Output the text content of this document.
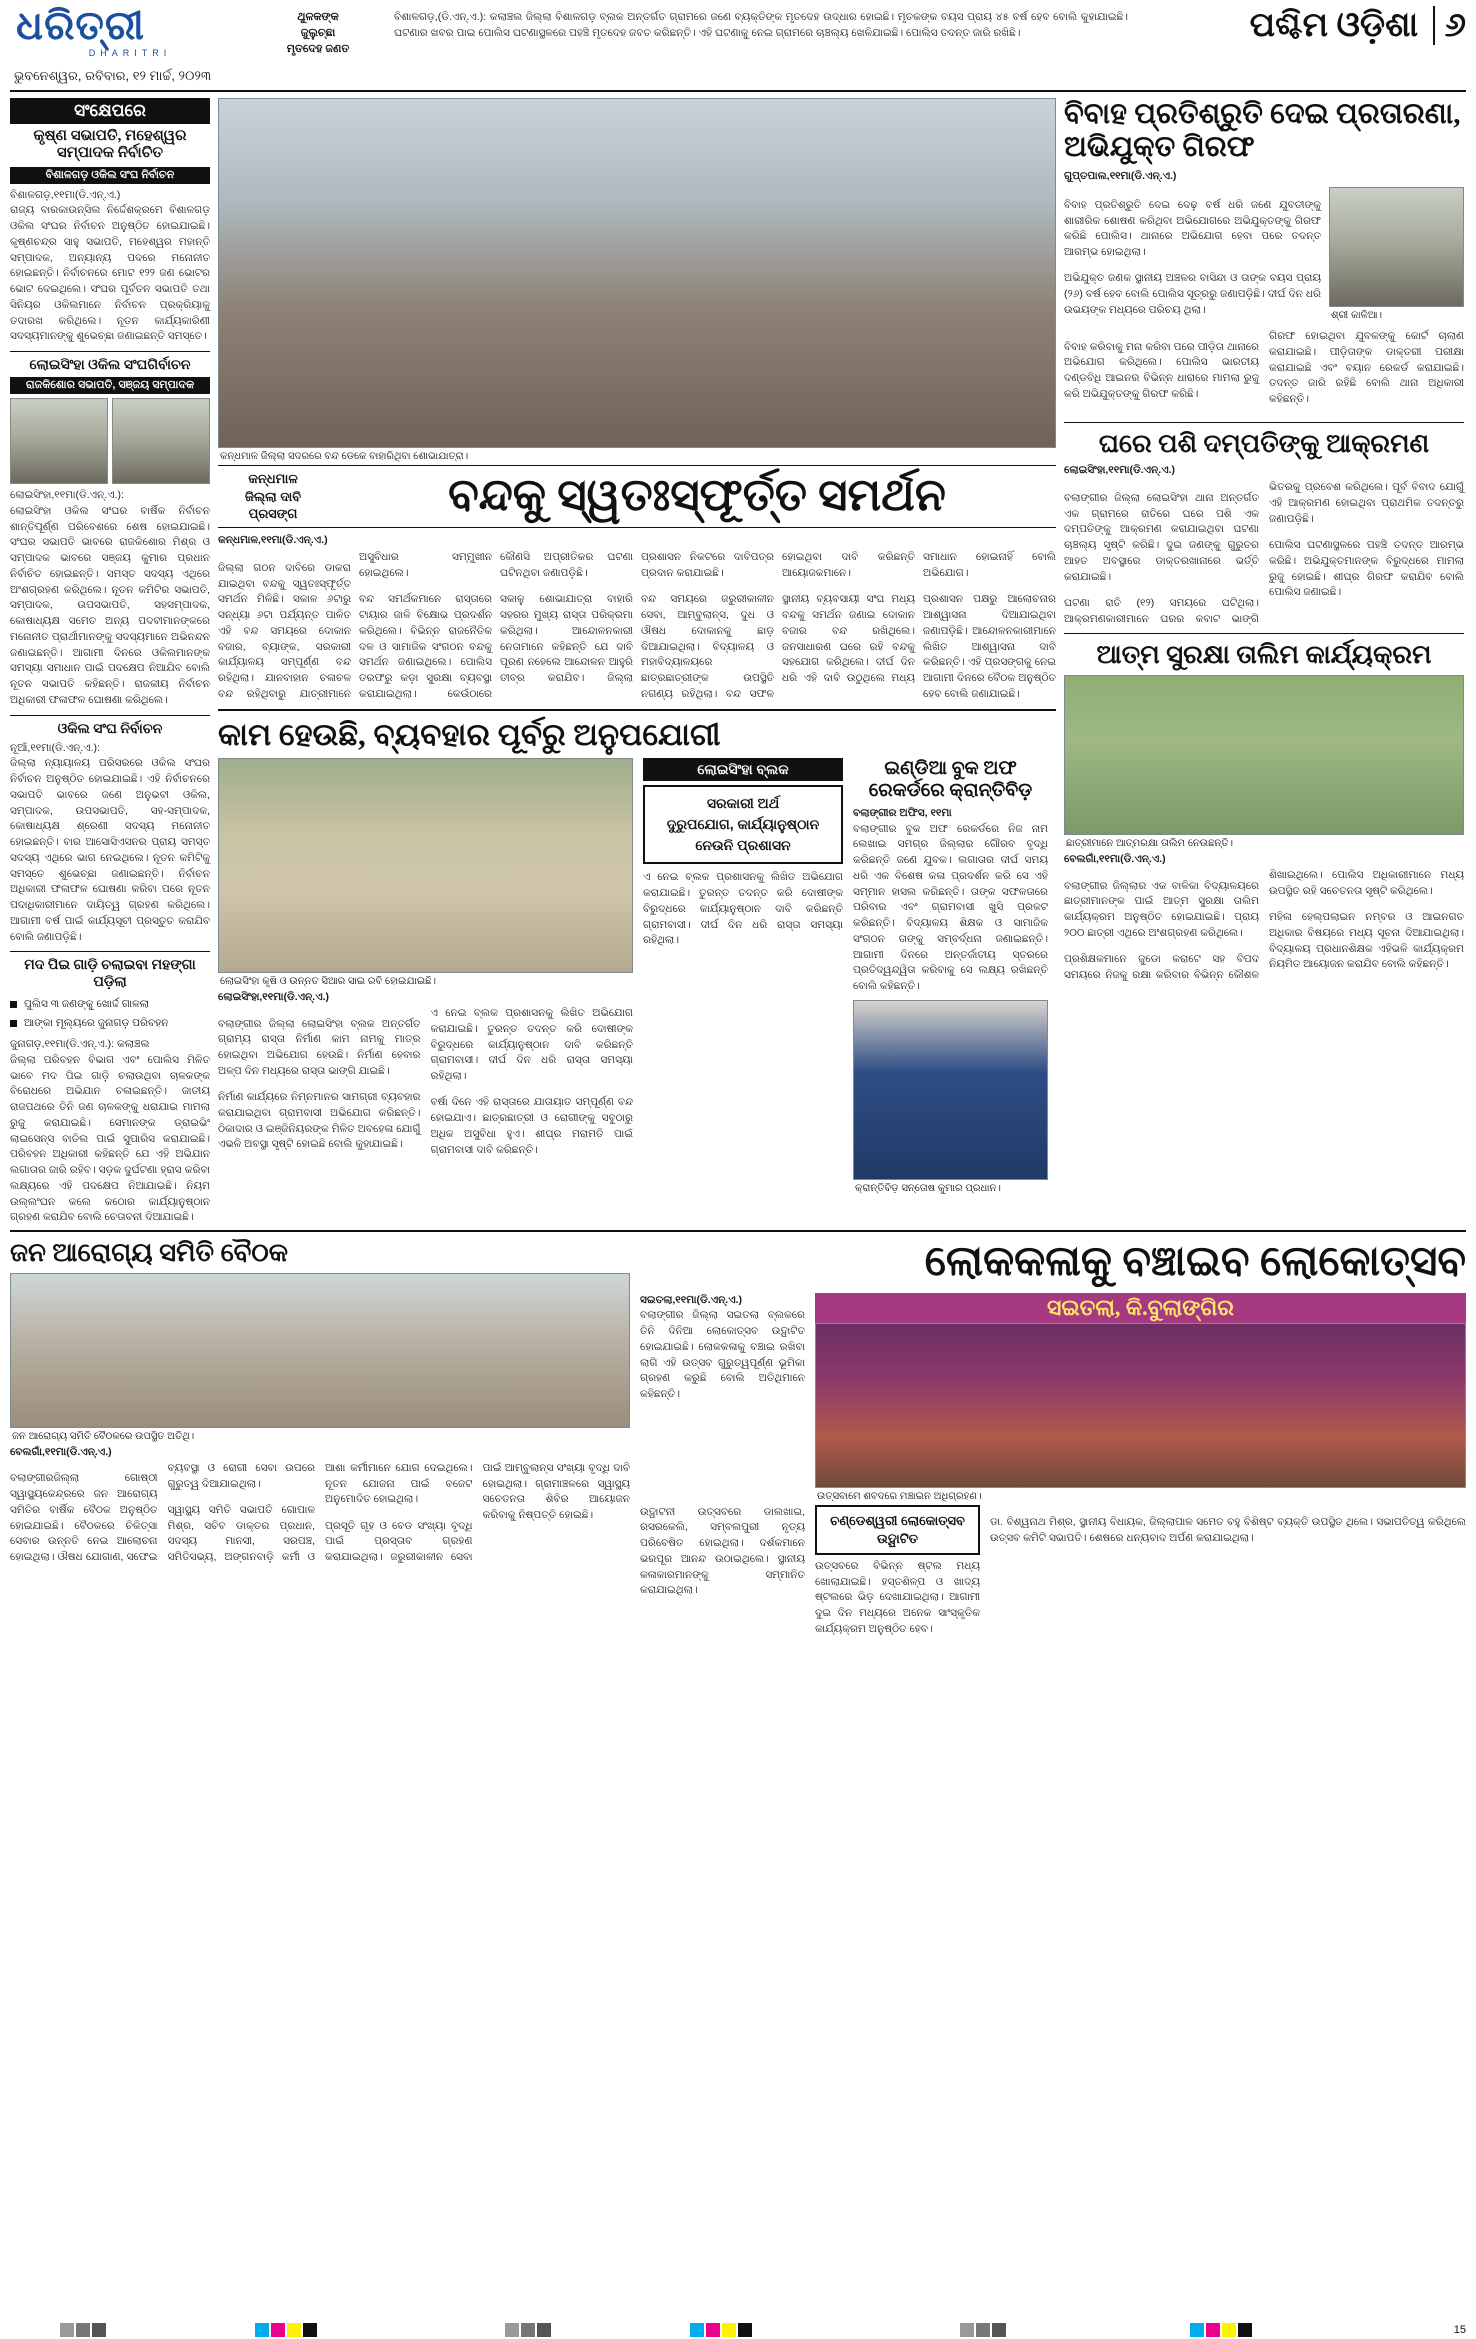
ଧରିତ୍ରୀ
DHARITRI
ଭୁବନେଶ୍ୱର, ରବିବାର, ୧୨ ମାର୍ଚ୍ଚ, ୨୦୨୩
ଥୁଳକଙ୍କ
ଜୁଲୁଚ୍ଛା
ମୃତଦେହ ଜଣତ
ବିଶାଳଗଡ଼,(ଡି.ଏନ୍.ଏ.): କଲାଞ୍ଚଲ ଜିଲ୍ଲା ବିଶାଳଗଡ଼ ବ୍ଲକ ଅନ୍ତର୍ଗତ ଗ୍ରାମରେ ଜଣେ ବ୍ୟକ୍ତିଙ୍କ ମୃତଦେହ ଉଦ୍ଧାର ହୋଇଛି। ମୃତକଙ୍କ ବୟସ ପ୍ରାୟ ୪୫ ବର୍ଷ ହେବ ବୋଲି କୁହାଯାଇଛି। ଘଟଣାର ଖବର ପାଇ ପୋଲିସ ଘଟଣାସ୍ଥଳରେ ପହଞ୍ଚି ମୃତଦେହ ଜବତ କରିଛନ୍ତି। ଏହି ଘଟଣାକୁ ନେଇ ଗ୍ରାମରେ ଚାଞ୍ଚଲ୍ୟ ଖେଳିଯାଇଛି। ପୋଲିସ ତଦନ୍ତ ଜାରି ରଖିଛି।	ପଶ୍ଚିମ ଓଡ଼ିଶା ୬
ସଂକ୍ଷେପରେ
କୃଷ୍ଣ ସଭାପତି, ମହେଶ୍ୱର ସମ୍ପାଦକ ନିର୍ବାଚିତ
ବିଶାଳଗଡ଼ ଓକିଲ ସଂଘ ନିର୍ବାଚନ
ବିଶାଳଗଡ଼,୧୧ମା(ଡି.ଏନ୍.ଏ.)
ରାଜ୍ୟ ବାରକାଉନ୍‌ସିଲ ନିର୍ଦ୍ଦେଶକ୍ରମେ ବିଶାଳଗଡ଼ ଓକିଲ ସଂଘର ନିର୍ବାଚନ ଅନୁଷ୍ଠିତ ହୋଇଯାଇଛି। କୃଷ୍ଣଚନ୍ଦ୍ର ସାହୁ ସଭାପତି, ମହେଶ୍ୱର ମହାନ୍ତି ସମ୍ପାଦକ, ଅନ୍ୟାନ୍ୟ ପଦରେ ମନୋନୀତ ହୋଇଛନ୍ତି। ନିର୍ବାଚନରେ ମୋଟ ୧୨୨ ଜଣ ଭୋଟର ଭୋଟ ଦେଇଥିଲେ। ସଂଘର ପୂର୍ବତନ ସଭାପତି ତଥା ସିନିୟର ଓକିଲମାନେ ନିର୍ବାଚନ ପ୍ରକ୍ରିୟାକୁ ତଦାରଖ କରିଥିଲେ। ନୂତନ କାର୍ଯ୍ୟକାରିଣୀ ସଦସ୍ୟମାନଙ୍କୁ ଶୁଭେଚ୍ଛା ଜଣାଇଛନ୍ତି ସମସ୍ତେ।
ଲୋଇସିଂହା ଓକିଲ ସଂଘଗିର୍ବାଚନ
ରାଜକିଶୋର ସଭାପତି, ସଞ୍ଜୟ ସମ୍ପାଦକ
ଲୋଇସିଂହା,୧୧ମା(ଡି.ଏନ୍.ଏ.):
ଲୋଇସିଂହା ଓକିଲ ସଂଘର ବାର୍ଷିକ ନିର୍ବାଚନ ଶାନ୍ତିପୂର୍ଣ୍ଣ ପରିବେଶରେ ଶେଷ ହୋଇଯାଇଛି। ସଂଘର ସଭାପତି ଭାବରେ ରାଜକିଶୋର ମିଶ୍ର ଓ ସମ୍ପାଦକ ଭାବରେ ସଞ୍ଜୟ କୁମାର ପ୍ରଧାନ ନିର୍ବାଚିତ ହୋଇଛନ୍ତି। ସମସ୍ତ ସଦସ୍ୟ ଏଥିରେ ଅଂଶଗ୍ରହଣ କରିଥିଲେ। ନୂତନ କମିଟିର ସଭାପତି, ସମ୍ପାଦକ, ଉପସଭାପତି, ସହସମ୍ପାଦକ, କୋଷାଧ୍ୟକ୍ଷ ସମେତ ଅନ୍ୟ ପଦବୀମାନଙ୍କରେ ମନୋନୀତ ପ୍ରାର୍ଥୀମାନଙ୍କୁ ସଦସ୍ୟମାନେ ଅଭିନନ୍ଦନ ଜଣାଇଛନ୍ତି। ଆଗାମୀ ଦିନରେ ଓକିଲମାନଙ୍କ ସମସ୍ୟା ସମାଧାନ ପାଇଁ ପଦକ୍ଷେପ ନିଆଯିବ ବୋଲି ନୂତନ ସଭାପତି କହିଛନ୍ତି। ରାଜକୀୟ ନିର୍ବାଚନ ଅଧିକାରୀ ଫଳାଫଳ ଘୋଷଣା କରିଥିଲେ।
ଓକିଲ ସଂଘ ନିର୍ବାଚନ
ନୂଆଁ,୧୧ମା(ଡି.ଏନ୍.ଏ.):
ଜିଲ୍ଲା ନ୍ୟାୟାଳୟ ପରିସରରେ ଓକିଲ ସଂଘର ନିର୍ବାଚନ ଅନୁଷ୍ଠିତ ହୋଇଯାଇଛି। ଏହି ନିର୍ବାଚନରେ ସଭାପତି ଭାବରେ ଜଣେ ଅନୁଭବୀ ଓକିଲ, ସମ୍ପାଦକ, ଉପସଭାପତି, ସହ-ସମ୍ପାଦକ, କୋଷାଧ୍ୟକ୍ଷ ଶ୍ରେଣୀ ସଦସ୍ୟ ମନୋନୀତ ହୋଇଛନ୍ତି। ବାର ଆସୋସିଏସନର ପ୍ରାୟ ସମସ୍ତ ସଦସ୍ୟ ଏଥିରେ ଭାଗ ନେଇଥିଲେ। ନୂତନ କମିଟିକୁ ସମସ୍ତେ ଶୁଭେଚ୍ଛା ଜଣାଇଛନ୍ତି। ନିର୍ବାଚନ ଅଧିକାରୀ ଫଳାଫଳ ଘୋଷଣା କରିବା ପରେ ନୂତନ ପଦାଧିକାରୀମାନେ ଦାୟିତ୍ୱ ଗ୍ରହଣ କରିଥିଲେ। ଆଗାମୀ ବର୍ଷ ପାଇଁ କାର୍ଯ୍ୟସୂଚୀ ପ୍ରସ୍ତୁତ କରାଯିବ ବୋଲି ଜଣାପଡ଼ିଛି।
ମଦ ପିଇ ଗାଡ଼ି ଚଲାଇବା ମହଙ୍ଗା ପଡ଼ିଲା
ପୁଲିସ ୩ ଜଣଙ୍କୁ ଖୋର୍ଦ୍ଦ ଗାଳଲା
ଆଙ୍କା ମୂଲ୍ୟରେ ଜୁନାଗଡ଼ ପରିବହନ
ଜୁନାଗଡ଼,୧୧ମା(ଡି.ଏନ୍.ଏ.): କଲାଞ୍ଚଲ
ଜିଲ୍ଲା ପରିବହନ ବିଭାଗ ଏବଂ ପୋଲିସ ମିଳିତ ଭାବେ ମଦ ପିଇ ଗାଡ଼ି ଚଲାଉଥିବା ଚାଳକଙ୍କ ବିରୋଧରେ ଅଭିଯାନ ଚଳାଇଛନ୍ତି। ଜାତୀୟ ରାଜପଥରେ ତିନି ଜଣ ଚାଳକଙ୍କୁ ଧରାଯାଇ ମାମଲା ରୁଜୁ କରାଯାଇଛି। ସେମାନଙ୍କ ଡ୍ରାଇଭିଂ ଲାଇସେନ୍ସ ବାତିଲ ପାଇଁ ସୁପାରିସ କରାଯାଇଛି। ପରିବହନ ଅଧିକାରୀ କହିଛନ୍ତି ଯେ ଏହି ଅଭିଯାନ ଲଗାତାର ଜାରି ରହିବ। ସଡ଼କ ଦୁର୍ଘଟଣା ହ୍ରାସ କରିବା ଲକ୍ଷ୍ୟରେ ଏହି ପଦକ୍ଷେପ ନିଆଯାଇଛି। ନିୟମ ଉଲ୍ଲଂଘନ କଲେ କଠୋର କାର୍ଯ୍ୟାନୁଷ୍ଠାନ ଗ୍ରହଣ କରାଯିବ ବୋଲି ଚେତାବନୀ ଦିଆଯାଇଛି।
କନ୍ଧମାଳ ଜିଲ୍ଲା ସଦରରେ ବନ୍ଦ ଡେକେ ବାହାରିଥିବା ଶୋଭାଯାତ୍ରା।
କନ୍ଧମାଳ
ଜିଲ୍ଲା ଦାବି
ପ୍ରସଙ୍ଗ	ବନ୍ଦକୁ ସ୍ୱତଃସ୍ଫୂର୍ତ୍ତ ସମର୍ଥନ
କନ୍ଧମାଳ,୧୧ମା(ଡି.ଏନ୍.ଏ.)

ଜିଲ୍ଲା ଗଠନ ଦାବିରେ ଡାକରା ଯାଇଥିବା ବନ୍ଦକୁ ସ୍ୱତଃସ୍ଫୂର୍ତ୍ତ ସମର୍ଥନ ମିଳିଛି। ସକାଳ ୬ଟାରୁ ସନ୍ଧ୍ୟା ୬ଟା ପର୍ଯ୍ୟନ୍ତ ପାଳିତ ଏହି ବନ୍ଦ ସମୟରେ ଦୋକାନ ବଜାର, ବ୍ୟାଙ୍କ, ସରକାରୀ କାର୍ଯ୍ୟାଳୟ ସମ୍ପୂର୍ଣ୍ଣ ବନ୍ଦ ରହିଥିଲା। ଯାନବାହାନ ଚଳାଚଳ ବନ୍ଦ ରହିଥିବାରୁ ଯାତ୍ରୀମାନେ ଅସୁବିଧାର ସମ୍ମୁଖୀନ ହୋଇଥିଲେ।

ବନ୍ଦ ସମର୍ଥକମାନେ ରାସ୍ତାରେ ଟାୟାର ଜାଳି ବିକ୍ଷୋଭ ପ୍ରଦର୍ଶନ କରିଥିଲେ। ବିଭିନ୍ନ ରାଜନୈତିକ ଦଳ ଓ ସାମାଜିକ ସଂଗଠନ ବନ୍ଦକୁ ସମର୍ଥନ ଜଣାଇଥିଲେ। ପୋଲିସ ତରଫରୁ କଡ଼ା ସୁରକ୍ଷା ବ୍ୟବସ୍ଥା କରାଯାଇଥିଲା। କେଉଁଠାରେ କୌଣସି ଅପ୍ରୀତିକର ଘଟଣା ଘଟିନଥିବା ଜଣାପଡ଼ିଛି।

ସକାଳୁ ଶୋଭାଯାତ୍ରା ବାହାରି ସହରର ମୁଖ୍ୟ ରାସ୍ତା ପରିକ୍ରମା କରିଥିଲା। ଆନ୍ଦୋଳନକାରୀ ନେତାମାନେ କହିଛନ୍ତି ଯେ ଦାବି ପୂରଣ ନହେଲେ ଆନ୍ଦୋଳନ ଆହୁରି ତୀବ୍ର କରାଯିବ। ଜିଲ୍ଲା ପ୍ରଶାସନ ନିକଟରେ ଦାବିପତ୍ର ପ୍ରଦାନ କରାଯାଇଛି।

ବନ୍ଦ ସମୟରେ ଜରୁରୀକାଳୀନ ସେବା, ଆମ୍ବୁଲାନ୍ସ, ଦୁଧ ଓ ଔଷଧ ଦୋକାନକୁ ଛାଡ଼ ଦିଆଯାଇଥିଲା। ବିଦ୍ୟାଳୟ ଓ ମହାବିଦ୍ୟାଳୟରେ ଛାତ୍ରଛାତ୍ରୀଙ୍କ ଉପସ୍ଥିତି ନଗଣ୍ୟ ରହିଥିଲା। ବନ୍ଦ ସଫଳ ହୋଇଥିବା ଦାବି କରିଛନ୍ତି ଆୟୋଜକମାନେ।

ସ୍ଥାନୀୟ ବ୍ୟବସାୟୀ ସଂଘ ମଧ୍ୟ ବନ୍ଦକୁ ସମର୍ଥନ ଜଣାଇ ଦୋକାନ ବଜାର ବନ୍ଦ ରଖିଥିଲେ। ଜନସାଧାରଣ ଘରେ ରହି ବନ୍ଦକୁ ସହଯୋଗ କରିଥିଲେ। ଦୀର୍ଘ ଦିନ ଧରି ଏହି ଦାବି ଉଠୁଥିଲେ ମଧ୍ୟ ସମାଧାନ ହୋଇନାହିଁ ବୋଲି ଅଭିଯୋଗ।

ପ୍ରଶାସନ ପକ୍ଷରୁ ଆଲୋଚନାର ଆଶ୍ୱାସନା ଦିଆଯାଇଥିବା ଜଣାପଡ଼ିଛି। ଆନ୍ଦୋଳନକାରୀମାନେ ଲିଖିତ ଆଶ୍ୱାସନା ଦାବି କରିଛନ୍ତି। ଏହି ପ୍ରସଙ୍ଗକୁ ନେଇ ଆଗାମୀ ଦିନରେ ବୈଠକ ଅନୁଷ୍ଠିତ ହେବ ବୋଲି ଜଣାଯାଇଛି।

କାମ ହେଉଛି, ବ୍ୟବହାର ପୂର୍ବରୁ ଅନୁପଯୋଗୀ
ଲୋଇସିଂହା କୃଷି ଓ ଉନ୍ନତ ସିଆର ସାଇ ରବି ହୋଇଯାଇଛି।
ଲୋଇସିଂହା,୧୧ମା(ଡି.ଏନ୍.ଏ.)

ବଲାଙ୍ଗୀର ଜିଲ୍ଲା ଲୋଇସିଂହା ବ୍ଲକ ଅନ୍ତର୍ଗତ ଗ୍ରାମ୍ୟ ରାସ୍ତା ନିର୍ମାଣ କାମ ନାମକୁ ମାତ୍ର ହୋଇଥିବା ଅଭିଯୋଗ ହେଉଛି। ନିର୍ମାଣ ହେବାର ଅଳ୍ପ ଦିନ ମଧ୍ୟରେ ରାସ୍ତା ଭାଙ୍ଗି ଯାଇଛି।

ନିର୍ମାଣ କାର୍ଯ୍ୟରେ ନିମ୍ନମାନର ସାମଗ୍ରୀ ବ୍ୟବହାର କରାଯାଇଥିବା ଗ୍ରାମବାସୀ ଅଭିଯୋଗ କରିଛନ୍ତି। ଠିକାଦାର ଓ ଇଞ୍ଜିନିୟରଙ୍କ ମିଳିତ ଅବହେଳା ଯୋଗୁଁ ଏଭଳି ଅବସ୍ଥା ସୃଷ୍ଟି ହୋଇଛି ବୋଲି କୁହାଯାଇଛି।

ଏ ନେଇ ବ୍ଲକ ପ୍ରଶାସନକୁ ଲିଖିତ ଅଭିଯୋଗ କରାଯାଇଛି। ତୁରନ୍ତ ତଦନ୍ତ କରି ଦୋଷୀଙ୍କ ବିରୁଦ୍ଧରେ କାର୍ଯ୍ୟାନୁଷ୍ଠାନ ଦାବି କରିଛନ୍ତି ଗ୍ରାମବାସୀ। ଦୀର୍ଘ ଦିନ ଧରି ରାସ୍ତା ସମସ୍ୟା ରହିଥିଲା।

ବର୍ଷା ଦିନେ ଏହି ରାସ୍ତାରେ ଯାତାୟାତ ସମ୍ପୂର୍ଣ୍ଣ ବନ୍ଦ ହୋଇଯାଏ। ଛାତ୍ରଛାତ୍ରୀ ଓ ରୋଗୀଙ୍କୁ ସବୁଠାରୁ ଅଧିକ ଅସୁବିଧା ହୁଏ। ଶୀଘ୍ର ମରାମତି ପାଇଁ ଗ୍ରାମବାସୀ ଦାବି କରିଛନ୍ତି।

ଲୋଇସିଂହା ବ୍ଲକ
ସରକାରୀ ଅର୍ଥ
ଦୁରୁପଯୋଗ, କାର୍ଯ୍ୟାନୁଷ୍ଠାନ
ନେଉନି ପ୍ରଶାସନ
ଏ ନେଇ ବ୍ଲକ ପ୍ରଶାସନକୁ ଲିଖିତ ଅଭିଯୋଗ କରାଯାଇଛି। ତୁରନ୍ତ ତଦନ୍ତ କରି ଦୋଷୀଙ୍କ ବିରୁଦ୍ଧରେ କାର୍ଯ୍ୟାନୁଷ୍ଠାନ ଦାବି କରିଛନ୍ତି ଗ୍ରାମବାସୀ। ଦୀର୍ଘ ଦିନ ଧରି ରାସ୍ତା ସମସ୍ୟା ରହିଥିଲା।
ଇଣ୍ଡିଆ ବୁକ ଅଫ ରେକର୍ଡରେ କ୍ରାନ୍ତିବିଡ଼
ବଲାଙ୍ଗୀର ଅଫିସ, ୧୧ମା
ବଲାଙ୍ଗୀର ବୁକ ଅଫ ରେକର୍ଡରେ ନିଜ ନାମ ଲେଖାଇ ସମଗ୍ର ଜିଲ୍ଲାର ଗୌରବ ବୃଦ୍ଧି କରିଛନ୍ତି ଜଣେ ଯୁବକ। ଲଗାତାର ଦୀର୍ଘ ସମୟ ଧରି ଏକ ବିଶେଷ କଳା ପ୍ରଦର୍ଶନ କରି ସେ ଏହି ସମ୍ମାନ ହାସଲ କରିଛନ୍ତି। ତାଙ୍କ ସଫଳତାରେ ପରିବାର ଏବଂ ଗ୍ରାମବାସୀ ଖୁସି ପ୍ରକଟ କରିଛନ୍ତି। ବିଦ୍ୟାଳୟ ଶିକ୍ଷକ ଓ ସାମାଜିକ ସଂଗଠନ ତାଙ୍କୁ ସମ୍ବର୍ଦ୍ଧନା ଜଣାଇଛନ୍ତି। ଆଗାମୀ ଦିନରେ ଅନ୍ତର୍ଜାତୀୟ ସ୍ତରରେ ପ୍ରତିଦ୍ୱନ୍ଦ୍ୱିତା କରିବାକୁ ସେ ଲକ୍ଷ୍ୟ ରଖିଛନ୍ତି ବୋଲି କହିଛନ୍ତି।
କ୍ରାନ୍ତିବିଡ଼ ସନ୍ତୋଷ କୁମାର ପ୍ରଧାନ।
ବିବାହ ପ୍ରତିଶ୍ରୁତି ଦେଇ ପ୍ରତାରଣା, ଅଭିଯୁକ୍ତ ଗିରଫ
ଗୁପ୍ତପାଲ,୧୧ମା(ଡି.ଏନ୍.ଏ.)

ବିବାହ ପ୍ରତିଶ୍ରୁତି ଦେଇ ଦେଢ଼ ବର୍ଷ ଧରି ଜଣେ ଯୁବତୀଙ୍କୁ ଶାରୀରିକ ଶୋଷଣ କରିଥିବା ଅଭିଯୋଗରେ ଅଭିଯୁକ୍ତଙ୍କୁ ଗିରଫ କରିଛି ପୋଲିସ। ଥାନାରେ ଅଭିଯୋଗ ହେବା ପରେ ତଦନ୍ତ ଆରମ୍ଭ ହୋଇଥିଲା।

ଅଭିଯୁକ୍ତ ଜଣକ ସ୍ଥାନୀୟ ଅଞ୍ଚଳର ବାସିନ୍ଦା ଓ ତାଙ୍କ ବୟସ ପ୍ରାୟ (୨୬) ବର୍ଷ ହେବ ବୋଲି ପୋଲିସ ସୂତ୍ରରୁ ଜଣାପଡ଼ିଛି। ଦୀର୍ଘ ଦିନ ଧରି ଉଭୟଙ୍କ ମଧ୍ୟରେ ପରିଚୟ ଥିଲା।	ଶ୍ରୀ କାଳିଆ।

ବିବାହ କରିବାକୁ ମନା କରିବା ପରେ ପୀଡ଼ିତା ଥାନାରେ ଅଭିଯୋଗ କରିଥିଲେ। ପୋଲିସ ଭାରତୀୟ ଦଣ୍ଡବିଧି ଆଇନର ବିଭିନ୍ନ ଧାରାରେ ମାମଲା ରୁଜୁ କରି ଅଭିଯୁକ୍ତଙ୍କୁ ଗିରଫ କରିଛି।

ଗିରଫ ହୋଇଥିବା ଯୁବକଙ୍କୁ କୋର୍ଟ ଚାଲାଣ କରାଯାଇଛି। ପୀଡ଼ିତାଙ୍କ ଡାକ୍ତରୀ ପରୀକ୍ଷା କରାଯାଇଛି ଏବଂ ବୟାନ ରେକର୍ଡ କରାଯାଇଛି। ତଦନ୍ତ ଜାରି ରହିଛି ବୋଲି ଥାନା ଅଧିକାରୀ କହିଛନ୍ତି।

ଘରେ ପଶି ଦମ୍ପତିଙ୍କୁ ଆକ୍ରମଣ
ଲୋଇସିଂହା,୧୧ମା(ଡି.ଏନ୍.ଏ.)

ବଲାଙ୍ଗୀର ଜିଲ୍ଲା ଲୋଇସିଂହା ଥାନା ଅନ୍ତର୍ଗତ ଏକ ଗ୍ରାମରେ ରାତିରେ ଘରେ ପଶି ଏକ ଦମ୍ପତିଙ୍କୁ ଆକ୍ରମଣ କରାଯାଇଥିବା ଘଟଣା ଚାଞ୍ଚଲ୍ୟ ସୃଷ୍ଟି କରିଛି। ଦୁଇ ଜଣଙ୍କୁ ଗୁରୁତର ଆହତ ଅବସ୍ଥାରେ ଡାକ୍ତରଖାନାରେ ଭର୍ତ୍ତି କରାଯାଇଛି।

ଘଟଣା ରାତି (୧୨) ସମୟରେ ଘଟିଥିଲା। ଆକ୍ରମଣକାରୀମାନେ ଘରର କବାଟ ଭାଙ୍ଗି ଭିତରକୁ ପ୍ରବେଶ କରିଥିଲେ। ପୂର୍ବ ବିବାଦ ଯୋଗୁଁ ଏହି ଆକ୍ରମଣ ହୋଇଥିବା ପ୍ରାଥମିକ ତଦନ୍ତରୁ ଜଣାପଡ଼ିଛି।

ପୋଲିସ ଘଟଣାସ୍ଥଳରେ ପହଞ୍ଚି ତଦନ୍ତ ଆରମ୍ଭ କରିଛି। ଅଭିଯୁକ୍ତମାନଙ୍କ ବିରୁଦ୍ଧରେ ମାମଲା ରୁଜୁ ହୋଇଛି। ଶୀଘ୍ର ଗିରଫ କରାଯିବ ବୋଲି ପୋଲିସ ଜଣାଇଛି।

ଆତ୍ମ ସୁରକ୍ଷା ତାଲିମ କାର୍ଯ୍ୟକ୍ରମ
ଛାତ୍ରୀମାନେ ଆତ୍ମରକ୍ଷା ତାଲିମ ନେଉଛନ୍ତି।
ବେଲଗାଁ,୧୧ମା(ଡି.ଏନ୍.ଏ.)

ବଲାଙ୍ଗୀର ଜିଲ୍ଲାର ଏକ ବାଳିକା ବିଦ୍ୟାଳୟରେ ଛାତ୍ରୀମାନଙ୍କ ପାଇଁ ଆତ୍ମ ସୁରକ୍ଷା ତାଲିମ କାର୍ଯ୍ୟକ୍ରମ ଅନୁଷ୍ଠିତ ହୋଇଯାଇଛି। ପ୍ରାୟ ୨୦୦ ଛାତ୍ରୀ ଏଥିରେ ଅଂଶଗ୍ରହଣ କରିଥିଲେ।

ପ୍ରଶିକ୍ଷକମାନେ ଜୁଡୋ କରାଟେ ସହ ବିପଦ ସମୟରେ ନିଜକୁ ରକ୍ଷା କରିବାର ବିଭିନ୍ନ କୌଶଳ ଶିଖାଇଥିଲେ। ପୋଲିସ ଅଧିକାରୀମାନେ ମଧ୍ୟ ଉପସ୍ଥିତ ରହି ସଚେତନତା ସୃଷ୍ଟି କରିଥିଲେ।

ମହିଳା ହେଲ୍ପଲାଇନ ନମ୍ବର ଓ ଆଇନଗତ ଅଧିକାର ବିଷୟରେ ମଧ୍ୟ ସୂଚନା ଦିଆଯାଇଥିଲା। ବିଦ୍ୟାଳୟ ପ୍ରଧାନଶିକ୍ଷକ ଏହିଭଳି କାର୍ଯ୍ୟକ୍ରମ ନିୟମିତ ଆୟୋଜନ କରାଯିବ ବୋଲି କହିଛନ୍ତି।

ଜନ ଆରୋଗ୍ୟ ସମିତି ବୈଠକ
ଜନ ଆରୋଗ୍ୟ ସମିତି ବୈଠକରେ ଉପସ୍ଥିତ ଅତିଥି।
ବେଲଗାଁ,୧୧ମା(ଡି.ଏନ୍.ଏ.)

ବଲାଙ୍ଗୀରଜିଲ୍ଲା ଗୋଷ୍ଠୀ ସ୍ୱାସ୍ଥ୍ୟକେନ୍ଦ୍ରରେ ଜନ ଆରୋଗ୍ୟ ସମିତିର ବାର୍ଷିକ ବୈଠକ ଅନୁଷ୍ଠିତ ହୋଇଯାଇଛି। ବୈଠକରେ ଚିକିତ୍ସା ସେବାର ଉନ୍ନତି ନେଇ ଆଲୋଚନା ହୋଇଥିଲା। ଔଷଧ ଯୋଗାଣ, ସଫେଇ ବ୍ୟବସ୍ଥା ଓ ରୋଗୀ ସେବା ଉପରେ ଗୁରୁତ୍ୱ ଦିଆଯାଇଥିଲା।

ସ୍ୱାସ୍ଥ୍ୟ ସମିତି ସଭାପତି ଗୋପାଳ ମିଶ୍ର, ସଚିବ ଡାକ୍ତର ପ୍ରଧାନ, ସଦସ୍ୟ ମାନସୀ, ସରପଞ୍ଚ, ସମିତିସଭ୍ୟ, ଅଙ୍ଗନବାଡ଼ି କର୍ମୀ ଓ ଆଶା କର୍ମୀମାନେ ଯୋଗ ଦେଇଥିଲେ। ନୂତନ ଯୋଜନା ପାଇଁ ବଜେଟ ଅନୁମୋଦିତ ହୋଇଥିଲା।

ପ୍ରସୂତି ଗୃହ ଓ ବେଡ ସଂଖ୍ୟା ବୃଦ୍ଧି ପାଇଁ ପ୍ରସ୍ତାବ ଗ୍ରହଣ କରାଯାଇଥିଲା। ଜରୁରୀକାଳୀନ ସେବା ପାଇଁ ଆମ୍ବୁଲାନ୍ସ ସଂଖ୍ୟା ବୃଦ୍ଧି ଦାବି ହୋଇଥିଲା। ଗ୍ରାମାଞ୍ଚଳରେ ସ୍ୱାସ୍ଥ୍ୟ ସଚେତନତା ଶିବିର ଆୟୋଜନ କରିବାକୁ ନିଷ୍ପତ୍ତି ହୋଇଛି।

ଲୋକକଳାକୁ ବଞ୍ଚାଇବ ଲୋକୋତ୍ସବ
ସଇତଲା,୧୧ମା(ଡି.ଏନ୍.ଏ.)
ବଲାଙ୍ଗୀର ଜିଲ୍ଲା ସଇତଲା ବ୍ଲକରେ ତିନି ଦିନିଆ ଲୋକୋତ୍ସବ ଉଦ୍ଘାଟିତ ହୋଇଯାଇଛି। ଲୋକକଳାକୁ ବଞ୍ଚାଇ ରଖିବା ଲାଗି ଏହି ଉତ୍ସବ ଗୁରୁତ୍ୱପୂର୍ଣ୍ଣ ଭୂମିକା ଗ୍ରହଣ କରୁଛି ବୋଲି ଅତିଥିମାନେ କହିଛନ୍ତି।
ସଇତଲା, କି.ବୁଲାଙ୍ଗିର
ଉତ୍ସବାମେ ଶବଦରେ ମଞ୍ଚାଇନ ଅଧିଗ୍ରହଣ।
ଉଦ୍ଘାଟନୀ ଉତ୍ସବରେ ଡାଲଖାଇ, ରସରକେଲି, ସମ୍ବଲପୁରୀ ନୃତ୍ୟ ପରିବେଷିତ ହୋଇଥିଲା। ଦର୍ଶକମାନେ ଭରପୂର ଆନନ୍ଦ ଉଠାଇଥିଲେ। ସ୍ଥାନୀୟ କଳାକାରମାନଙ୍କୁ ସମ୍ମାନିତ କରାଯାଇଥିଲା।
ଚଣ୍ଡେଶ୍ୱରୀ ଲୋକୋତ୍ସବ
ଉଦ୍ଘାଟିତ
ଉତ୍ସବରେ ବିଭିନ୍ନ ଷ୍ଟଲ ମଧ୍ୟ ଖୋଲାଯାଇଛି। ହସ୍ତଶିଳ୍ପ ଓ ଖାଦ୍ୟ ଷ୍ଟଲରେ ଭିଡ଼ ଦେଖାଯାଇଥିଲା। ଆଗାମୀ ଦୁଇ ଦିନ ମଧ୍ୟରେ ଅନେକ ସାଂସ୍କୃତିକ କାର୍ଯ୍ୟକ୍ରମ ଅନୁଷ୍ଠିତ ହେବ।

ଡା. ବିଶ୍ୱନାଥ ମିଶ୍ର, ସ୍ଥାନୀୟ ବିଧାୟକ, ଜିଲ୍ଲାପାଳ ସମେତ ବହୁ ବିଶିଷ୍ଟ ବ୍ୟକ୍ତି ଉପସ୍ଥିତ ଥିଲେ। ସଭାପତିତ୍ୱ କରିଥିଲେ ଉତ୍ସବ କମିଟି ସଭାପତି। ଶେଷରେ ଧନ୍ୟବାଦ ଅର୍ପଣ କରାଯାଇଥିଲା।

15
